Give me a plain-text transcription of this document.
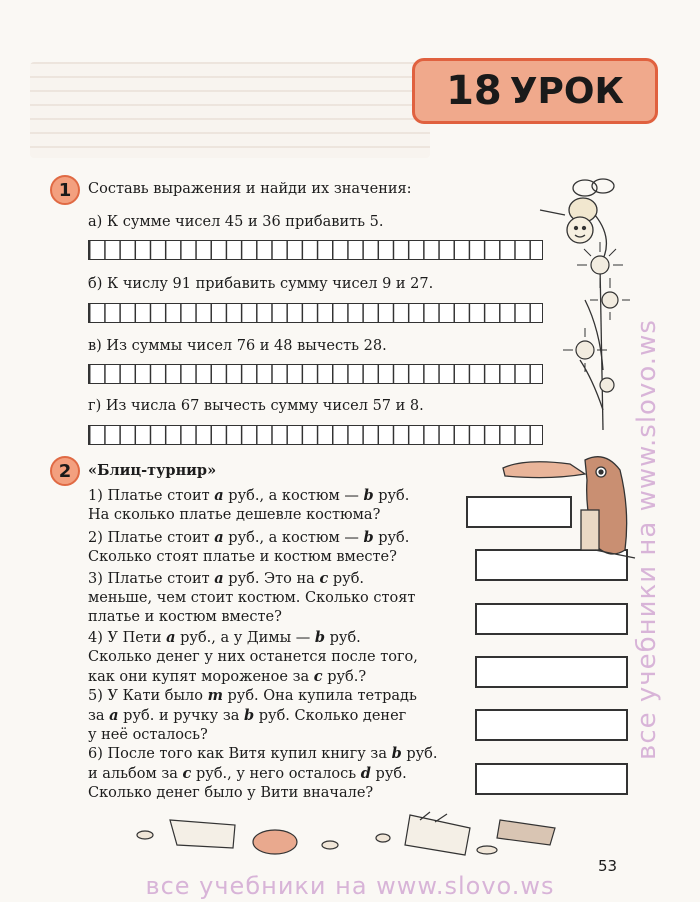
18 УРОК
1	Составь выражения и найди их значения:
а) К сумме чисел 45 и 36 прибавить 5.
б) К числу 91 прибавить сумму чисел 9 и 27.
в) Из суммы чисел 76 и 48 вычесть 28.
г) Из числа 67 вычесть сумму чисел 57 и 8.
2	«Блиц-турнир»
1) Платье стоит a руб., а костюм — b руб.
На сколько платье дешевле костюма?
2) Платье стоит a руб., а костюм — b руб.
Сколько стоят платье и костюм вместе?
3) Платье стоит a руб. Это на c руб.
меньше, чем стоит костюм. Сколько стоят
платье и костюм вместе?
4) У Пети a руб., а у Димы — b руб.
Сколько денег у них останется после того,
как они купят мороженое за c руб.?
5) У Кати было m руб. Она купила тетрадь
за a руб. и ручку за b руб. Сколько денег
у неё осталось?
6) После того как Витя купил книгу за b руб.
и альбом за c руб., у него осталось d руб.
Сколько денег было у Вити вначале?
53
все учебники на www.slovo.ws
все учебники на www.slovo.ws
